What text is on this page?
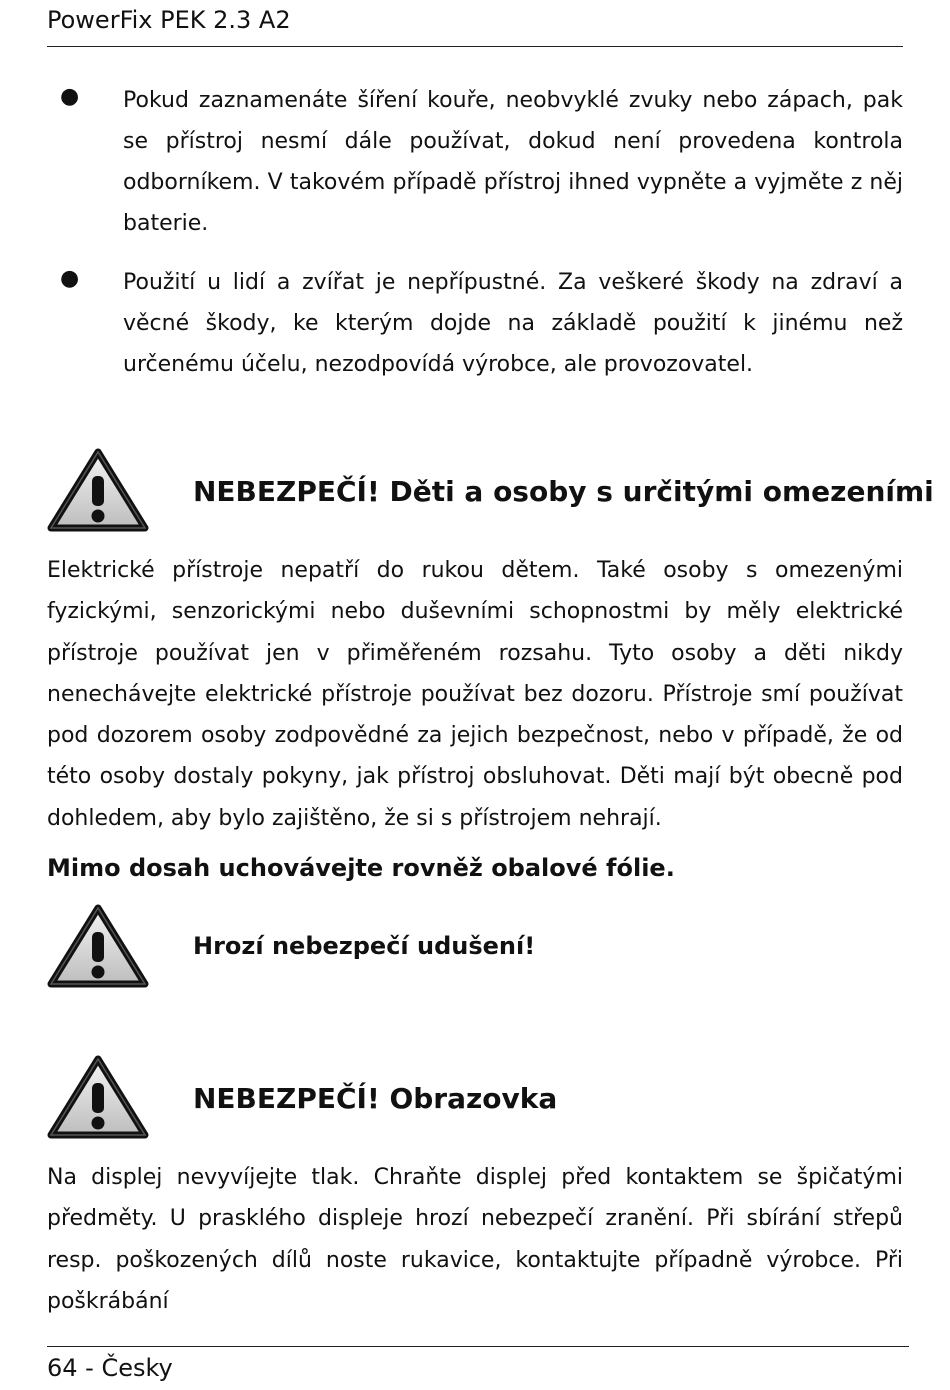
PowerFix PEK 2.3 A2
● Pokud zaznamenáte šíření kouře, neobvyklé zvuky nebo zápach, pak se přístroj nesmí dále používat, dokud není provedena kontrola odborníkem. V takovém případě přístroj ihned vypněte a vyjměte z něj baterie.
● Použití u lidí a zvířat je nepřípustné. Za veškeré škody na zdraví a věcné škody, ke kterým dojde na základě použití k jinému než určenému účelu, nezodpovídá výrobce, ale provozovatel.
NEBEZPEČÍ! Děti a osoby s určitými omezeními
Elektrické přístroje nepatří do rukou dětem. Také osoby s omezenými fyzickými, senzorickými nebo duševními schopnostmi by měly elektrické přístroje používat jen v přiměřeném rozsahu. Tyto osoby a děti nikdy nenechávejte elektrické přístroje používat bez dozoru. Přístroje smí používat pod dozorem osoby zodpovědné za jejich bezpečnost, nebo v případě, že od této osoby dostaly pokyny, jak přístroj obsluhovat. Děti mají být obecně pod dohledem, aby bylo zajištěno, že si s přístrojem nehrají.
Mimo dosah uchovávejte rovněž obalové fólie.
Hrozí nebezpečí udušení!
NEBEZPEČÍ! Obrazovka
Na displej nevyvíjejte tlak. Chraňte displej před kontaktem se špičatými předměty. U prasklého displeje hrozí nebezpečí zranění. Při sbírání střepů resp. poškozených dílů noste rukavice, kontaktujte případně výrobce. Při poškrábání
64 - Česky
